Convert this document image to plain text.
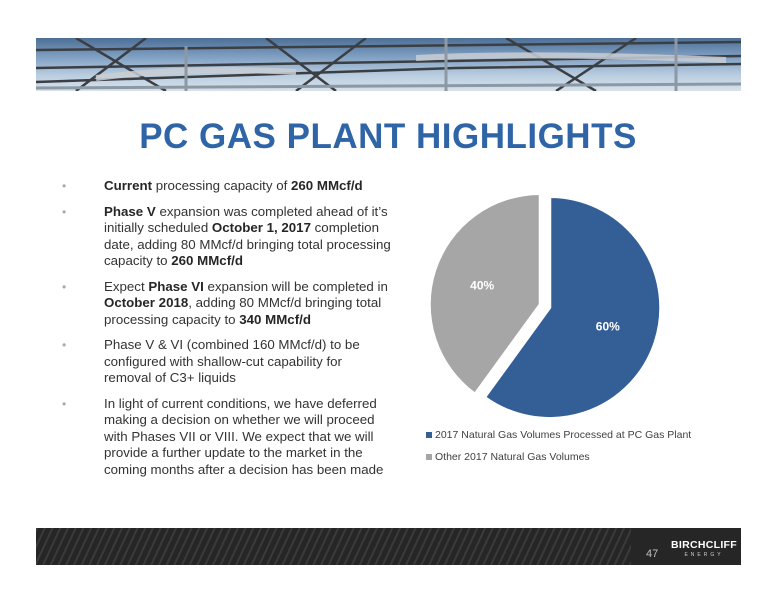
PC GAS PLANT HIGHLIGHTS
•	Current processing capacity of 260 MMcf/d
•	Phase V expansion was completed ahead of it’s initially scheduled October 1, 2017 completion date, adding 80 MMcf/d bringing total processing capacity to 260 MMcf/d
•	Expect Phase VI expansion will be completed in October 2018, adding 80 MMcf/d bringing total processing capacity to 340 MMcf/d
•	Phase V & VI (combined 160 MMcf/d) to be configured with shallow-cut capability for removal of C3+ liquids
•	In light of current conditions, we have deferred making a decision on whether we will proceed with Phases VII or VIII. We expect that we will provide a further update to the market in the coming months after a decision has been made
60%
40%
2017 Natural Gas Volumes Processed at PC Gas Plant
Other 2017 Natural Gas Volumes
47
BIRCHCLIFF
ENERGY
